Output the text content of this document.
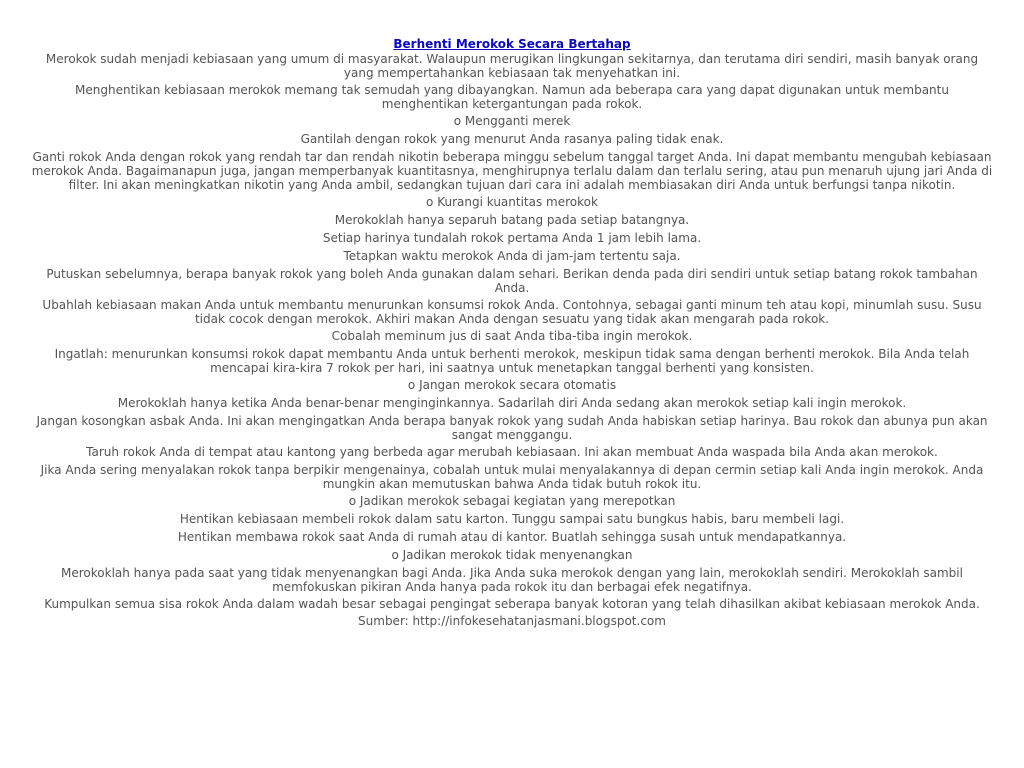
Berhenti Merokok Secara Bertahap

Merokok sudah menjadi kebiasaan yang umum di masyarakat. Walaupun merugikan lingkungan sekitarnya, dan terutama diri sendiri, masih banyak orang yang mempertahankan kebiasaan tak menyehatkan ini.

Menghentikan kebiasaan merokok memang tak semudah yang dibayangkan. Namun ada beberapa cara yang dapat digunakan untuk membantu menghentikan ketergantungan pada rokok.

o Mengganti merek

Gantilah dengan rokok yang menurut Anda rasanya paling tidak enak.

Ganti rokok Anda dengan rokok yang rendah tar dan rendah nikotin beberapa minggu sebelum tanggal target Anda. Ini dapat membantu mengubah kebiasaan merokok Anda. Bagaimanapun juga, jangan memperbanyak kuantitasnya, menghirupnya terlalu dalam dan terlalu sering, atau pun menaruh ujung jari Anda di filter. Ini akan meningkatkan nikotin yang Anda ambil, sedangkan tujuan dari cara ini adalah membiasakan diri Anda untuk berfungsi tanpa nikotin.

o Kurangi kuantitas merokok

Merokoklah hanya separuh batang pada setiap batangnya.

Setiap harinya tundalah rokok pertama Anda 1 jam lebih lama.

Tetapkan waktu merokok Anda di jam-jam tertentu saja.

Putuskan sebelumnya, berapa banyak rokok yang boleh Anda gunakan dalam sehari. Berikan denda pada diri sendiri untuk setiap batang rokok tambahan Anda.

Ubahlah kebiasaan makan Anda untuk membantu menurunkan konsumsi rokok Anda. Contohnya, sebagai ganti minum teh atau kopi, minumlah susu. Susu tidak cocok dengan merokok. Akhiri makan Anda dengan sesuatu yang tidak akan mengarah pada rokok.

Cobalah meminum jus di saat Anda tiba-tiba ingin merokok.

Ingatlah: menurunkan konsumsi rokok dapat membantu Anda untuk berhenti merokok, meskipun tidak sama dengan berhenti merokok. Bila Anda telah mencapai kira-kira 7 rokok per hari, ini saatnya untuk menetapkan tanggal berhenti yang konsisten.

o Jangan merokok secara otomatis

Merokoklah hanya ketika Anda benar-benar menginginkannya. Sadarilah diri Anda sedang akan merokok setiap kali ingin merokok.

Jangan kosongkan asbak Anda. Ini akan mengingatkan Anda berapa banyak rokok yang sudah Anda habiskan setiap harinya. Bau rokok dan abunya pun akan sangat menggangu.

Taruh rokok Anda di tempat atau kantong yang berbeda agar merubah kebiasaan. Ini akan membuat Anda waspada bila Anda akan merokok.

Jika Anda sering menyalakan rokok tanpa berpikir mengenainya, cobalah untuk mulai menyalakannya di depan cermin setiap kali Anda ingin merokok. Anda mungkin akan memutuskan bahwa Anda tidak butuh rokok itu.

o Jadikan merokok sebagai kegiatan yang merepotkan

Hentikan kebiasaan membeli rokok dalam satu karton. Tunggu sampai satu bungkus habis, baru membeli lagi.

Hentikan membawa rokok saat Anda di rumah atau di kantor. Buatlah sehingga susah untuk mendapatkannya.

o Jadikan merokok tidak menyenangkan

Merokoklah hanya pada saat yang tidak menyenangkan bagi Anda. Jika Anda suka merokok dengan yang lain, merokoklah sendiri. Merokoklah sambil memfokuskan pikiran Anda hanya pada rokok itu dan berbagai efek negatifnya.

Kumpulkan semua sisa rokok Anda dalam wadah besar sebagai pengingat seberapa banyak kotoran yang telah dihasilkan akibat kebiasaan merokok Anda.

Sumber: http://infokesehatanjasmani.blogspot.com
